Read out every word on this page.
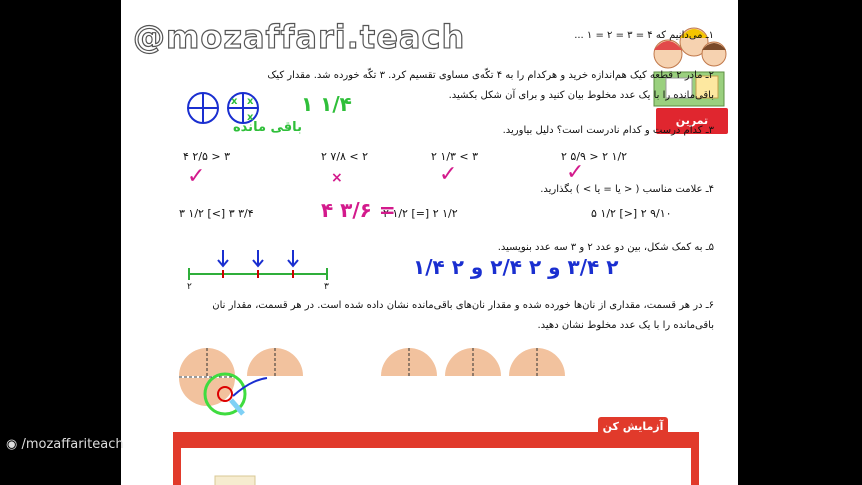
تمرین
۱ـ می‌دانیم که ۴ = ۳ = ۲ = ۱ ...
۲ـ مادر ۲ قطعه کیک هم‌اندازه خرید و هرکدام را به ۴ تکّه‌ی مساوی تقسیم کرد. ۳ تکّه خورده شد. مقدار کیک
باقی‌مانده را با یک عدد مخلوط بیان کنید و برای آن شکل بکشید.
x x
x
۱ ۱/۴
باقی مانده	۳ـ کدام درست و کدام نادرست است؟ دلیل بیاورید.
۲ ۵/۹ > ۲ ۱/۲
۲ ۱/۳ < ۳
۲ ۷/۸ < ۲
۴ ۲/۵ > ۳
✓
✓
×
✓
۴ـ علامت مناسب ( < یا = یا > ) بگذارید.
۵ ۱/۲ [>] ۲ ۹/۱۰
۲ ۱/۲ [=] ۲ ۱/۲
۳ ۱/۲ [<] ۳ ۳/۴	۴ ۳/۶ =
۵ـ به کمک شکل، بین دو عدد ۲ و ۳ سه عدد بنویسید.
۲	۳
۲ ۳/۴ و ۲ ۲/۴ و ۲ ۱/۴
۶ـ در هر قسمت، مقداری از نان‌ها خورده شده و مقدار نان‌های باقی‌مانده نشان داده شده است. در هر قسمت، مقدار نان
باقی‌مانده را با یک عدد مخلوط نشان دهید.
آزمایش کن
@mozaffari.teach
◉ /mozaffariteach
